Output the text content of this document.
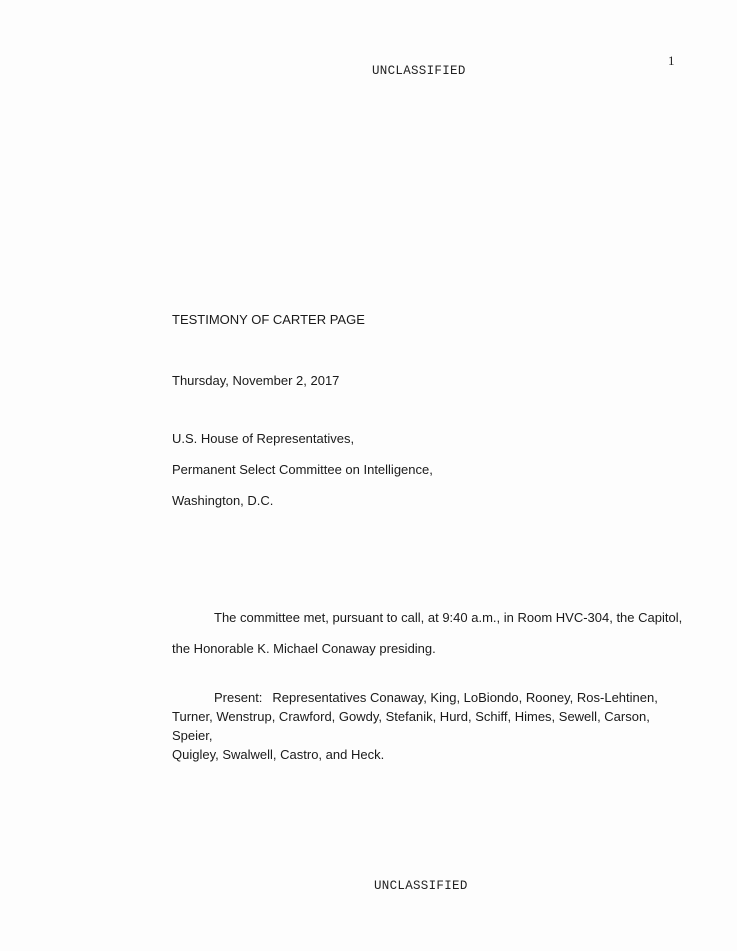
1
UNCLASSIFIED
TESTIMONY OF CARTER PAGE
Thursday, November 2, 2017
U.S. House of Representatives,
Permanent Select Committee on Intelligence,
Washington, D.C.
The committee met, pursuant to call, at 9:40 a.m., in Room HVC-304, the Capitol,
the Honorable K. Michael Conaway presiding.
Present: Representatives Conaway, King, LoBiondo, Rooney, Ros-Lehtinen,
Turner, Wenstrup, Crawford, Gowdy, Stefanik, Hurd, Schiff, Himes, Sewell, Carson, Speier,
Quigley, Swalwell, Castro, and Heck.
UNCLASSIFIED
